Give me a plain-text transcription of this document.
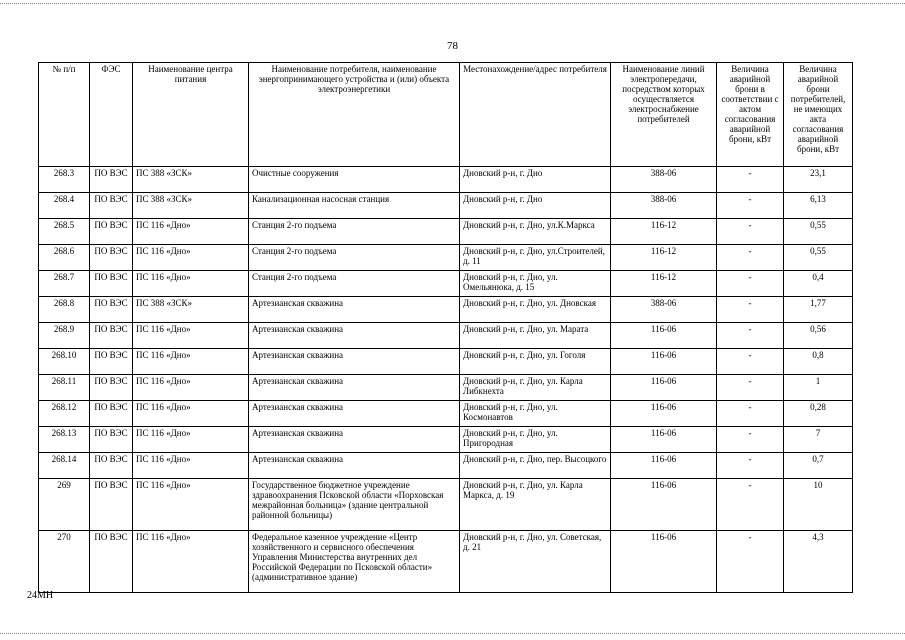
78
№ п/п	ФЭС	Наименование центра питания	Наименование потребителя, наименование энергопринимающего устройства и (или) объекта электроэнергетики	Местонахождение/адрес потребителя	Наименование линий электропередачи, посредством которых осуществляется электроснабжение потребителей	Величина аварийной брони в соответствии с актом согласования аварийной брони, кВт	Величина аварийной брони потребителей, не имеющих акта согласования аварийной брони, кВт
268.3	ПО ВЭС	ПС 388 «ЗСК»	Очистные сооружения	Дновский р-н, г. Дно	388-06	-	23,1
268.4	ПО ВЭС	ПС 388 «ЗСК»	Канализационная насосная станция	Дновский р-н, г. Дно	388-06	-	6,13
268.5	ПО ВЭС	ПС 116 «Дно»	Станция 2-го подъема	Дновский р-н, г. Дно, ул.К.Маркса	116-12	-	0,55
268.6	ПО ВЭС	ПС 116 «Дно»	Станция 2-го подъема	Дновский р-н, г. Дно, ул.Строителей, д. 11	116-12	-	0,55
268.7	ПО ВЭС	ПС 116 «Дно»	Станция 2-го подъема	Дновский р-н, г. Дно, ул. Омельянюка, д. 15	116-12	-	0,4
268.8	ПО ВЭС	ПС 388 «ЗСК»	Артезианская скважина	Дновский р-н, г. Дно, ул. Дновская	388-06	-	1,77
268.9	ПО ВЭС	ПС 116 «Дно»	Артезианская скважина	Дновский р-н, г. Дно, ул. Марата	116-06	-	0,56
268.10	ПО ВЭС	ПС 116 «Дно»	Артезианская скважина	Дновский р-н, г. Дно, ул. Гоголя	116-06	-	0,8
268.11	ПО ВЭС	ПС 116 «Дно»	Артезианская скважина	Дновский р-н, г. Дно, ул. Карла Либкнехта	116-06	-	1
268.12	ПО ВЭС	ПС 116 «Дно»	Артезианская скважина	Дновский р-н, г. Дно, ул. Космонавтов	116-06	-	0,28
268.13	ПО ВЭС	ПС 116 «Дно»	Артезианская скважина	Дновский р-н, г. Дно, ул. Пригородная	116-06	-	7
268.14	ПО ВЭС	ПС 116 «Дно»	Артезианская скважина	Дновский р-н, г. Дно, пер. Высоцкого	116-06	-	0,7
269	ПО ВЭС	ПС 116 «Дно»	Государственное бюджетное учреждение здравоохранения Псковской области «Порховская межрайонная больница» (здание центральной районной больницы)	Дновский р-н, г. Дно, ул. Карла Маркса, д. 19	116-06	-	10
270	ПО ВЭС	ПС 116 «Дно»	Федеральное казенное учреждение «Центр хозяйственного и сервисного обеспечения Управления Министерства внутренних дел Российской Федерации по Псковской области» (административное здание)	Дновский р-н, г. Дно, ул. Советская, д. 21	116-06	-	4,3
24МН
